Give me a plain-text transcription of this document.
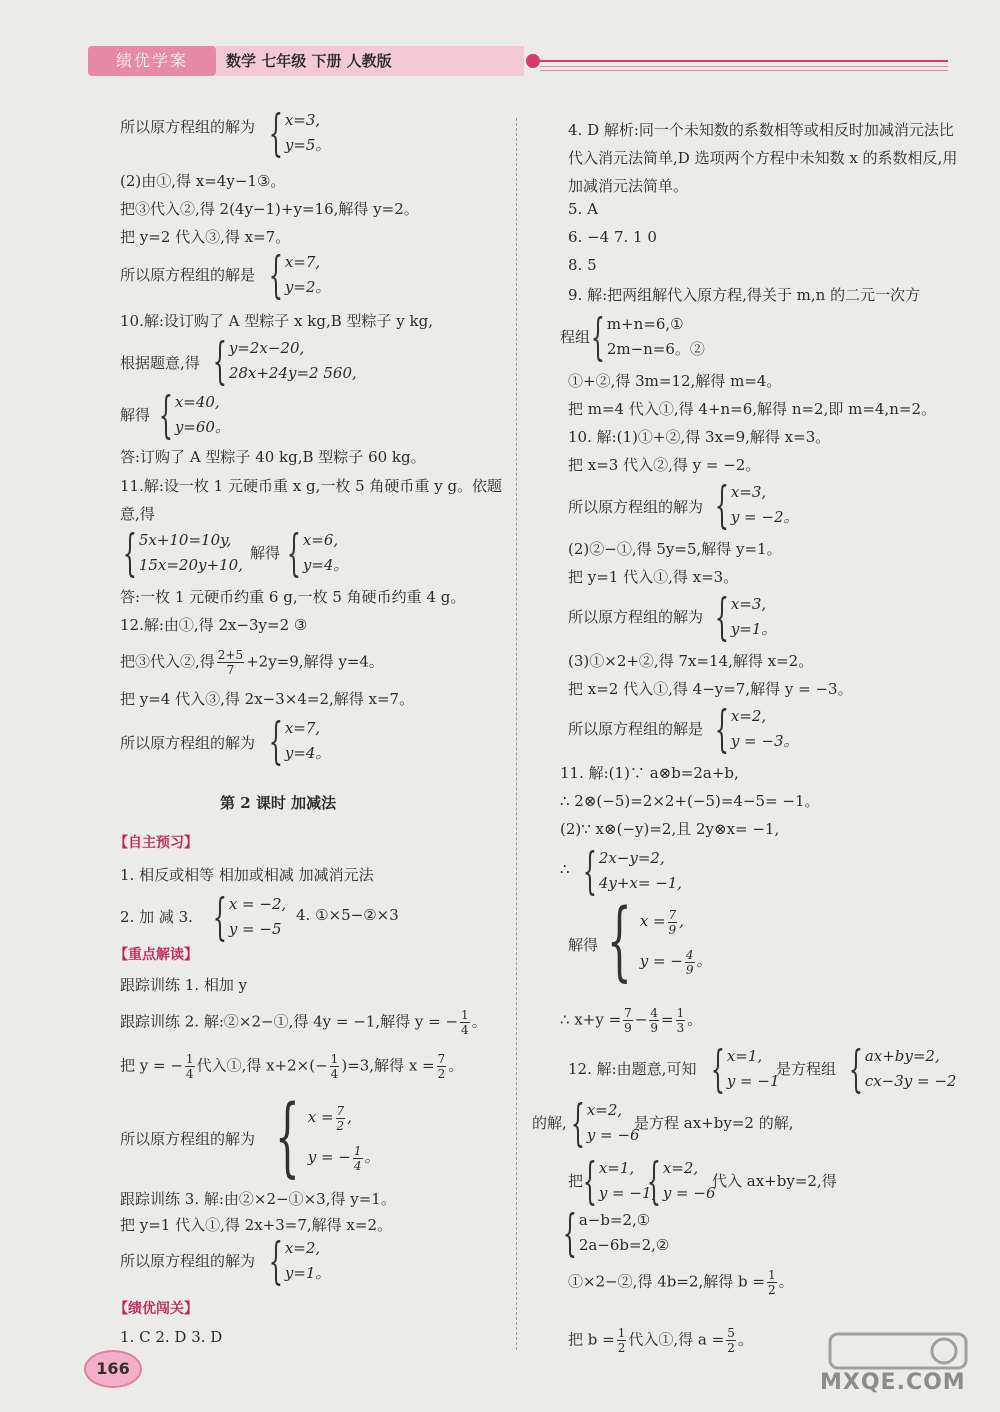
绩优学案	数学 七年级 下册 人教版
所以原方程组的解为 { x=3,
y=5。
(2)由①,得 x=4y−1③。
把③代入②,得 2(4y−1)+y=16,解得 y=2。
把 y=2 代入③,得 x=7。
所以原方程组的解是 { x=7,
y=2。
10.解:设订购了 A 型粽子 x kg,B 型粽子 y kg,
根据题意,得 { y=2x−20,
28x+24y=2 560,
解得 { x=40,
y=60。
答:订购了 A 型粽子 40 kg,B 型粽子 60 kg。
11.解:设一枚 1 元硬币重 x g,一枚 5 角硬币重 y g。依题意,得
{ 5x+10=10y,
15x=20y+10,
解得 { x=6,
y=4。
答:一枚 1 元硬币约重 6 g,一枚 5 角硬币约重 4 g。
12.解:由①,得 2x−3y=2 ③
把③代入②,得 $\frac{2+5}{7} +2y=9$,解得 y=4。
把 y=4 代入③,得 2x−3×4=2,解得 x=7。
所以原方程组的解为 { x=7,
y=4。
第 2 课时 加减法
【自主预习】
1. 相反或相等 相加或相减 加减消元法
2. 加 减 3. { x = −2,
y = −5
4. ①×5−②×3
【重点解读】
跟踪训练 1. 相加 y
跟踪训练 2. 解:②×2−①,得 4y = −1,解得 y = − $\frac{1}{4}$ 。
把 y = − $\frac{1}{4}$ 代入①,得 $x+2\times(- \frac{1}{4} )=3$,解得 $x = \frac{7}{2}$ 。
所以原方程组的解为 { $x = \frac{7}{2}$ ,
y = − $\frac{1}{4}$ 。
跟踪训练 3. 解:由②×2−①×3,得 y=1。
把 y=1 代入①,得 2x+3=7,解得 x=2。
所以原方程组的解为 { x=2,
y=1。
【绩优闯关】
1. C 2. D 3. D
4. D 解析:同一个未知数的系数相等或相反时加减消元法比代入消元法简单,D 选项两个方程中未知数 x 的系数相反,用加减消元法简单。
5. A
6. −4 7. 1 0
8. 5
9. 解:把两组解代入原方程,得关于 m,n 的二元一次方
程组 { m+n=6,①
2m−n=6。②
①+②,得 3m=12,解得 m=4。
把 m=4 代入①,得 4+n=6,解得 n=2,即 m=4,n=2。
10. 解:(1)①+②,得 3x=9,解得 x=3。
把 x=3 代入②,得 y = −2。
所以原方程组的解为 { x=3,
y = −2。
(2)②−①,得 5y=5,解得 y=1。
把 y=1 代入①,得 x=3。
所以原方程组的解为 { x=3,
y=1。
(3)①×2+②,得 7x=14,解得 x=2。
把 x=2 代入①,得 4−y=7,解得 y = −3。
所以原方程组的解是 { x=2,
y = −3。
11. 解:(1)∵ a⊗b=2a+b,
∴ 2⊗(−5)=2×2+(−5)=4−5= −1。
(2)∵ x⊗(−y)=2,且 2y⊗x= −1,
∴ { 2x−y=2,
4y+x= −1,
解得 { $x = \frac{7}{9}$ ,
y = − $\frac{4}{9}$ 。
∴ $x+y = \frac{7}{9} - \frac{4}{9} = \frac{1}{3}$ 。
12. 解:由题意,可知 { x=1,
y = −1
是方程组 { ax+by=2,
cx−3y = −2
的解, { x=2,
y = −6
是方程 ax+by=2 的解,
把 { x=1,
y = −1,
{ x=2,
y = −6
代入 ax+by=2,得
{ a−b=2,①
2a−6b=2,②
①×2−②,得 4b=2,解得 $b = \frac{1}{2}$ 。
把 $b = \frac{1}{2}$ 代入①,得 $a = \frac{5}{2}$ 。
166
MXQE.COM
